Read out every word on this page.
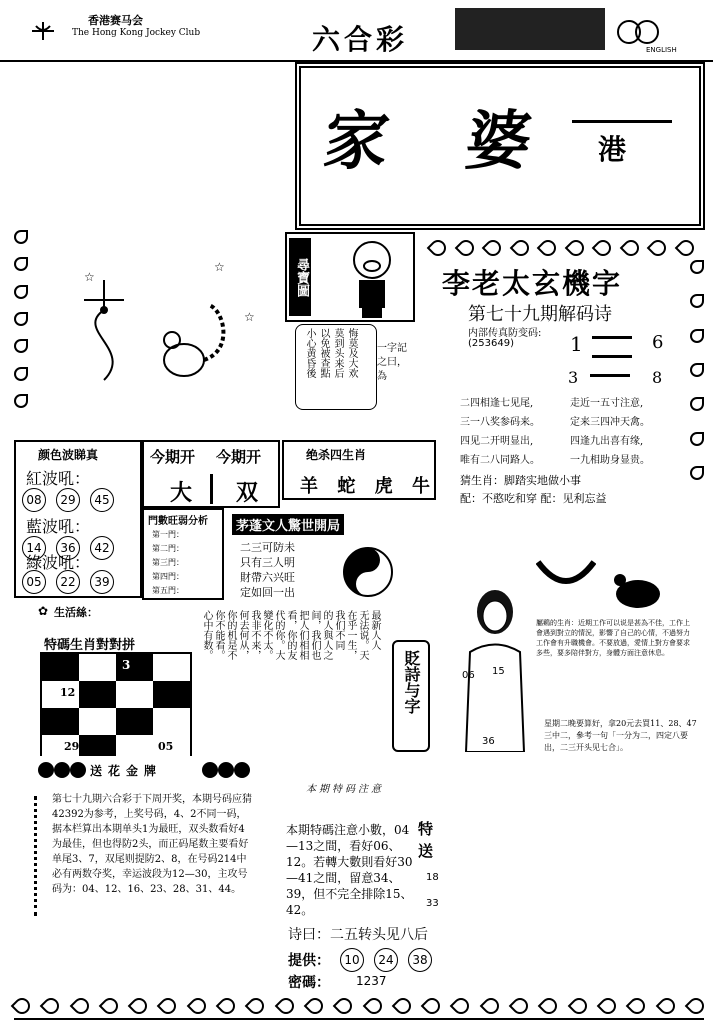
香港赛马会
The Hong Kong Jockey Club	六合彩	ENGLISH
家 婆 港
☆
☆
☆
尋寶圖
小心黄昏後 以免被查點 莫到头来后 悔莫及大欢 一字記之曰，為
李老太玄機字
第七十九期解码诗
内部传真防变码:
(253649)	1	6
3	8
二四相逢七见尾,
三一八奖参码来。
四见二开明显出,
唯有二八同路人。
走近一五寸注意,
定来三四冲天禽。
四逢九出喜有缘,
一九相助身显贵。
猜生肖：脚踏实地做小事
配：不憨吃和穿 配：见利忘益
颜色波睇真
紅波吼：
08 29 45
藍波吼：
14 36 42
綠波吼：
05 22 39
今期开 今期开
大 双
绝杀四生肖
羊 蛇 虎 牛
門數旺弱分析
第一門：
第二門：
第三門：
第四門：
第五門：
茅蓬文人驚世開局
二三可防未
只有三人明
財帶六兴旺
定如回一出
✿ 生活絲：
特碼生肖對對拼
3
12
29	05
最新人人
无法说。天
在乎一生，
我们不同
的人與人之
间，我们也
把人们相相
看，你的友
代的你。大
變化不太。
我非不来，
何去何从，
你的机是不
你不能看。
心中有数。
貶詩与字
屬鷄的生肖：近期工作可以说是甚為不佳，工作上會遇到對立的情況，影響了自己的心情，不過努力工作會有升職機會。不要放過，愛情上對方會要求多些，要多陪伴對方，身體方面注意休息。
06 15
36
星期二晚要算好，拿20元去買11、28、47三中二，參考一句「一分为二，四定八要出，二三开头见七合」。
送花金牌
第七十九期六合彩于下周开奖，本期号码应猜42392为参考，上奖号码，4、2不同一码，据本栏算出本期单头1为最旺，双头数看好4为最佳，但也得防2头，而正码尾数主要看好单尾3、7，双尾则提防2、8，在号码214中必有两数夺奖，幸运波段为12—30，主攻号码为：04、12、16、23、28、31、44。
本期特码注意
特送
本期特碼注意小數，04—13之間，看好06、12。若轉大數則看好30—41之間，留意34、39，但不完全排除15、42。
18
33
诗曰：二五转头见八后
提供：	10 24 38
密碼： 1237
